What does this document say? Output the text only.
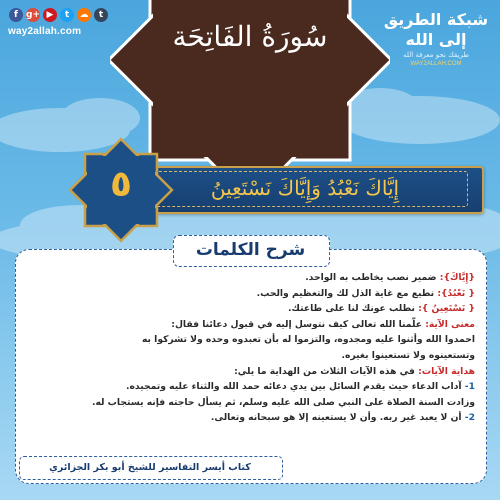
f g+ ▶	t	☁	t
way2allah.com
شبكة الطريق إلى الله
طريقك نحو معرفة الله
WAY2ALLAH.COM
سُورَةُ الفَاتِحَة
إِيَّاكَ نَعْبُدُ وَإِيَّاكَ نَسْتَعِينُ
٥
شرح الكلمات
{إِيَّاكَ}: ضمير نصب يخاطب به الواحد.
{ نَعْبُدُ}: نطيع مع غاية الذل لك والتعظيم والحب.
{ نَسْتَعِينُ }: نطلب عونك لنا على طاعتك.
معنى الآية: علّمنا الله تعالى كيف نتوسل إليه في قبول دعائنا فقال:
احمدوا الله وأثنوا عليه ومجدوه، والتزموا له بأن تعبدوه وحده ولا تشركوا به
وتستعينوه ولا تستعينوا بغيره.
هداية الآيات: في هذه الآيات الثلاث من الهداية ما يلي:
1- آداب الدعاء حيث يقدم السائل بين يدي دعائه حمد الله والثناء عليه وتمجيده.
وزادت السنة الصلاة على النبي صلى الله عليه وسلم، ثم يسأل حاجته فإنه يستجاب له.
2- أن لا يعبد غير ربه. وأن لا يستعينه إلا هو سبحانه وتعالى.
كتاب أيسر التفاسير للشيخ أبو بكر الجزائري
